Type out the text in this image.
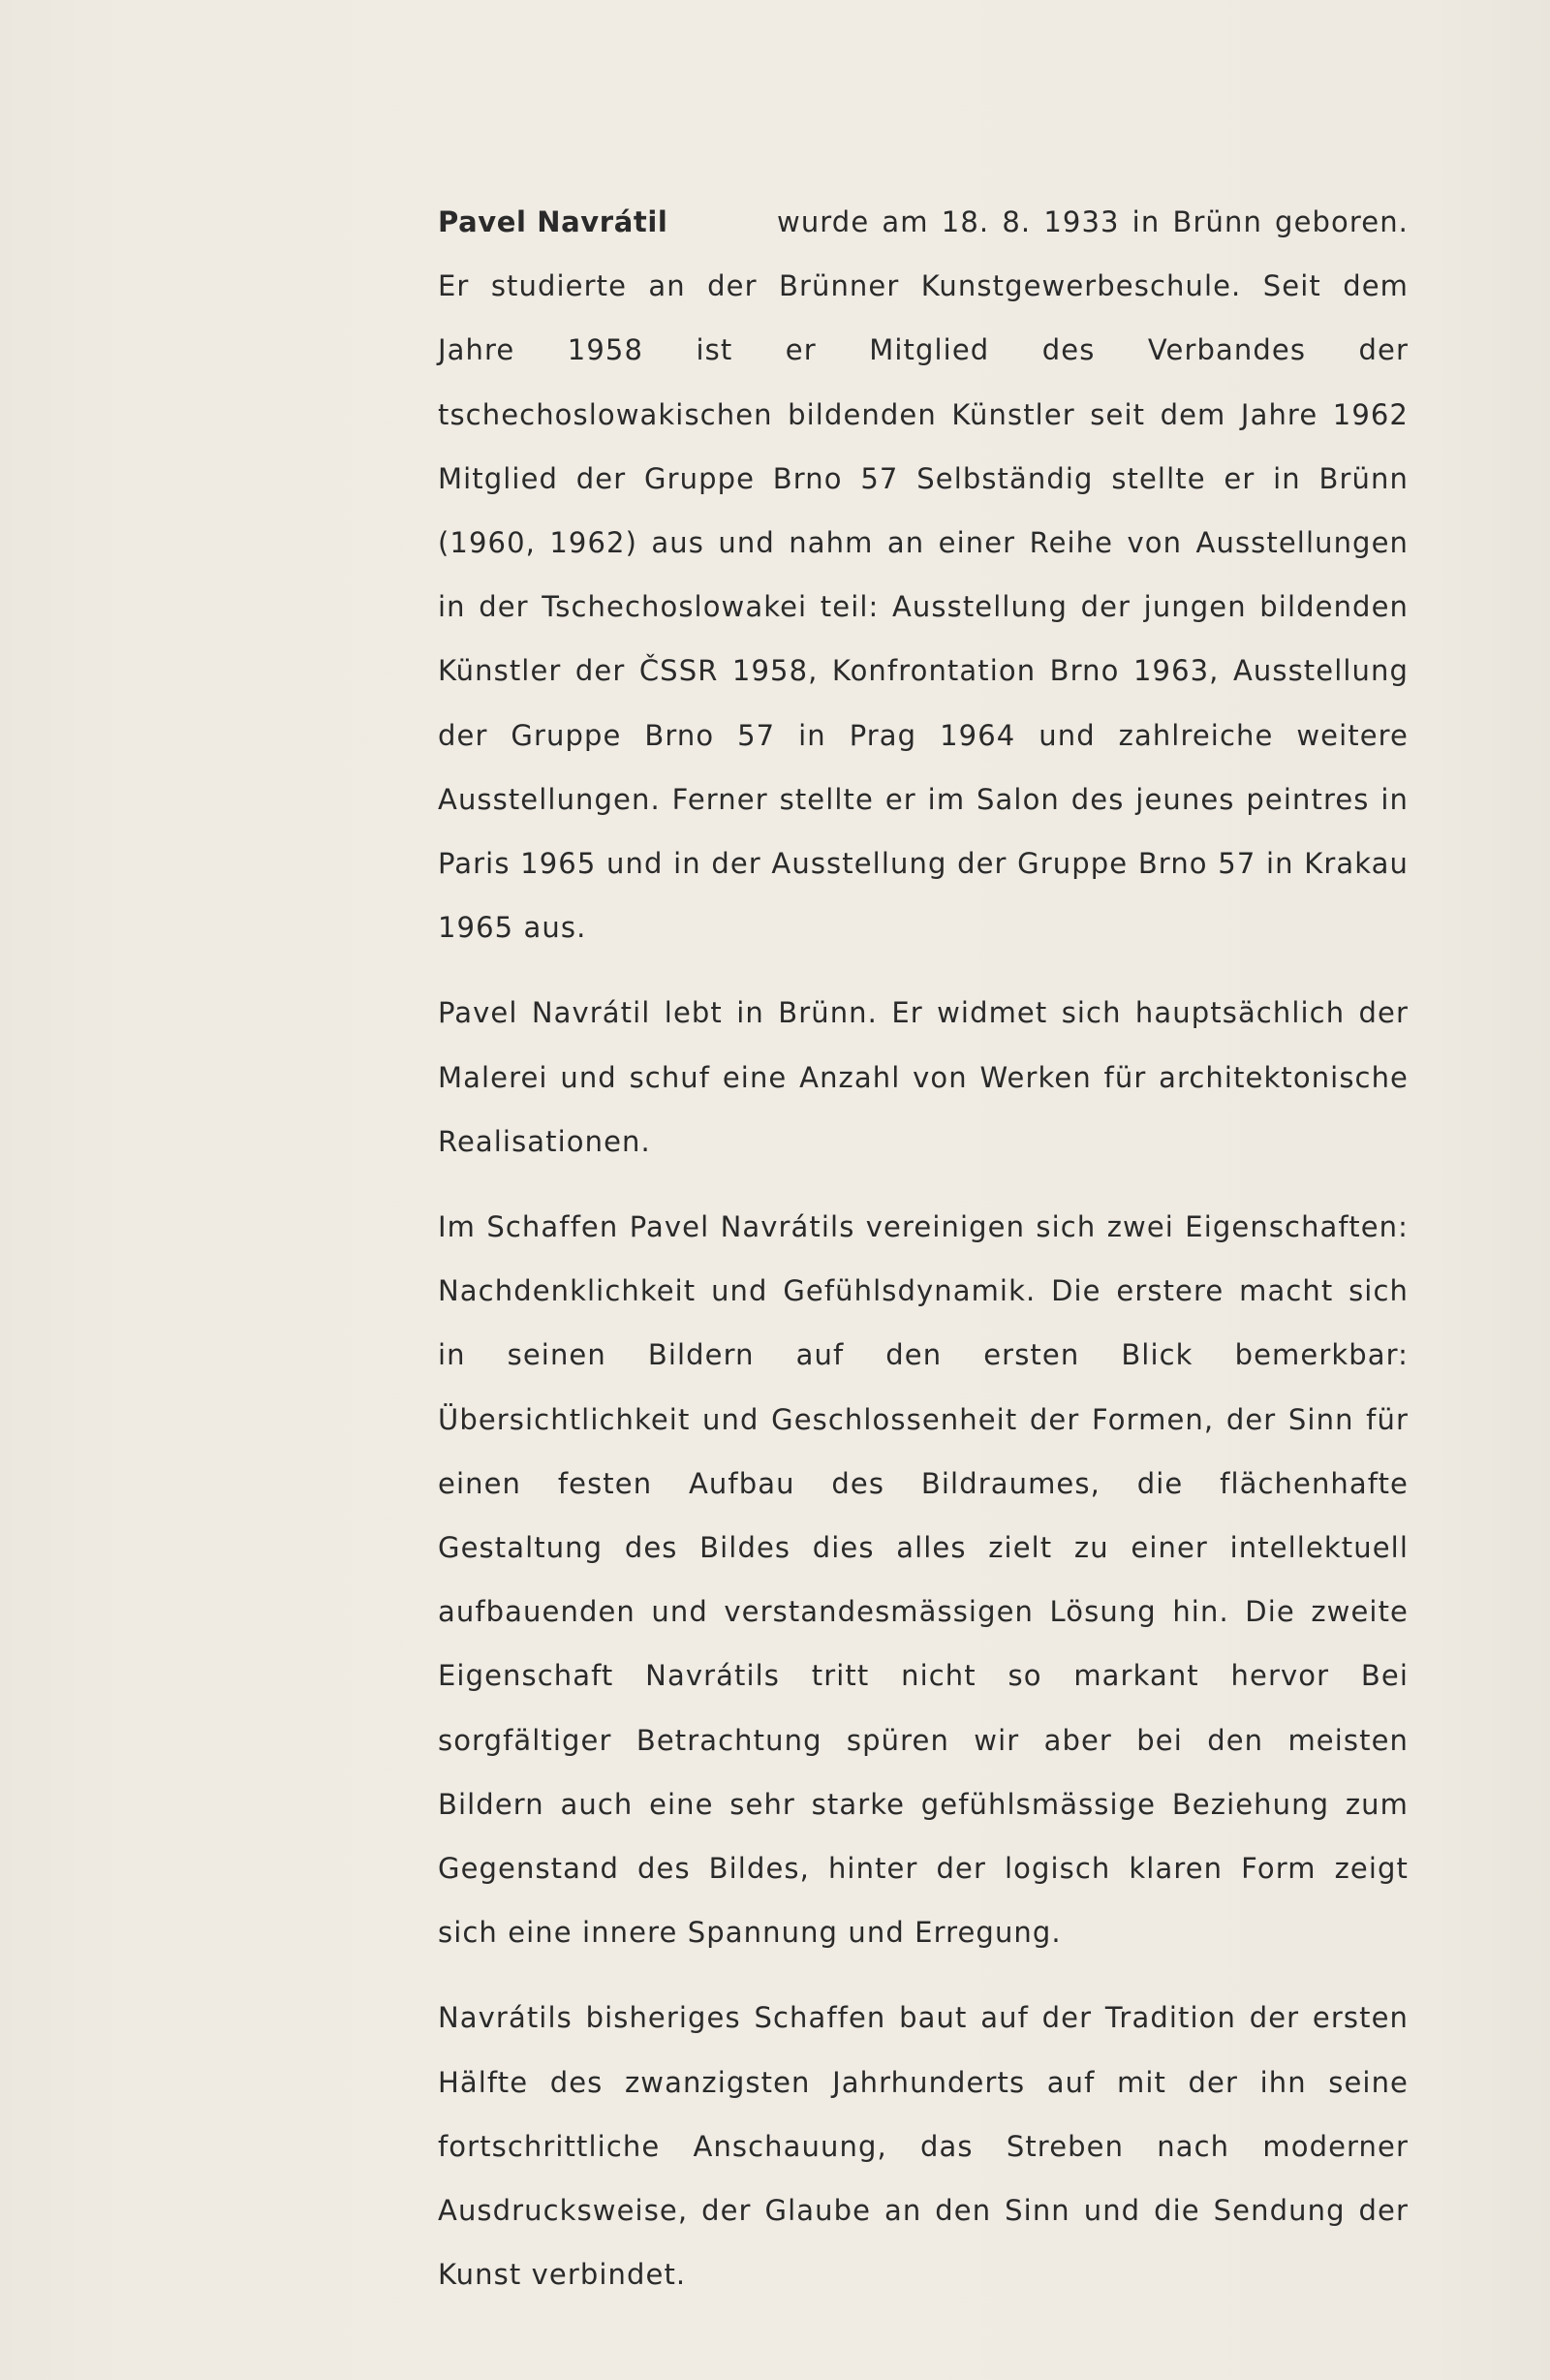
Pavel Navrátil	wurde am 18. 8. 1933 in Brünn geboren. Er studierte an der Brünner Kunstgewerbeschule. Seit dem Jahre 1958 ist er Mitglied des Verbandes der tschechoslowakischen bildenden Künstler seit dem Jahre 1962 Mitglied der Gruppe Brno 57 Selbständig stellte er in Brünn (1960, 1962) aus und nahm an einer Reihe von Ausstellungen in der Tschechoslowakei teil: Ausstellung der jungen bildenden Künstler der ČSSR 1958, Konfrontation Brno 1963, Ausstellung der Gruppe Brno 57 in Prag 1964 und zahlreiche weitere Ausstellungen. Ferner stellte er im Salon des jeunes peintres in Paris 1965 und in der Ausstellung der Gruppe Brno 57 in Krakau 1965 aus.

Pavel Navrátil lebt in Brünn. Er widmet sich hauptsächlich der Malerei und schuf eine Anzahl von Werken für architektonische Realisationen.

Im Schaffen Pavel Navrátils vereinigen sich zwei Eigenschaften: Nachdenklichkeit und Gefühlsdynamik. Die erstere macht sich in seinen Bildern auf den ersten Blick bemerkbar: Übersichtlichkeit und Geschlossenheit der Formen, der Sinn für einen festen Aufbau des Bildraumes, die flächenhafte Gestaltung des Bildes dies alles zielt zu einer intellektuell aufbauenden und verstandesmässigen Lösung hin. Die zweite Eigenschaft Navrátils tritt nicht so markant hervor Bei sorgfältiger Betrachtung spüren wir aber bei den meisten Bildern auch eine sehr starke gefühlsmässige Beziehung zum Gegenstand des Bildes, hinter der logisch klaren Form zeigt sich eine innere Spannung und Erregung.

Navrátils bisheriges Schaffen baut auf der Tradition der ersten Hälfte des zwanzigsten Jahrhunderts auf mit der ihn seine fortschrittliche Anschauung, das Streben nach moderner Ausdrucksweise, der Glaube an den Sinn und die Sendung der Kunst verbindet.
